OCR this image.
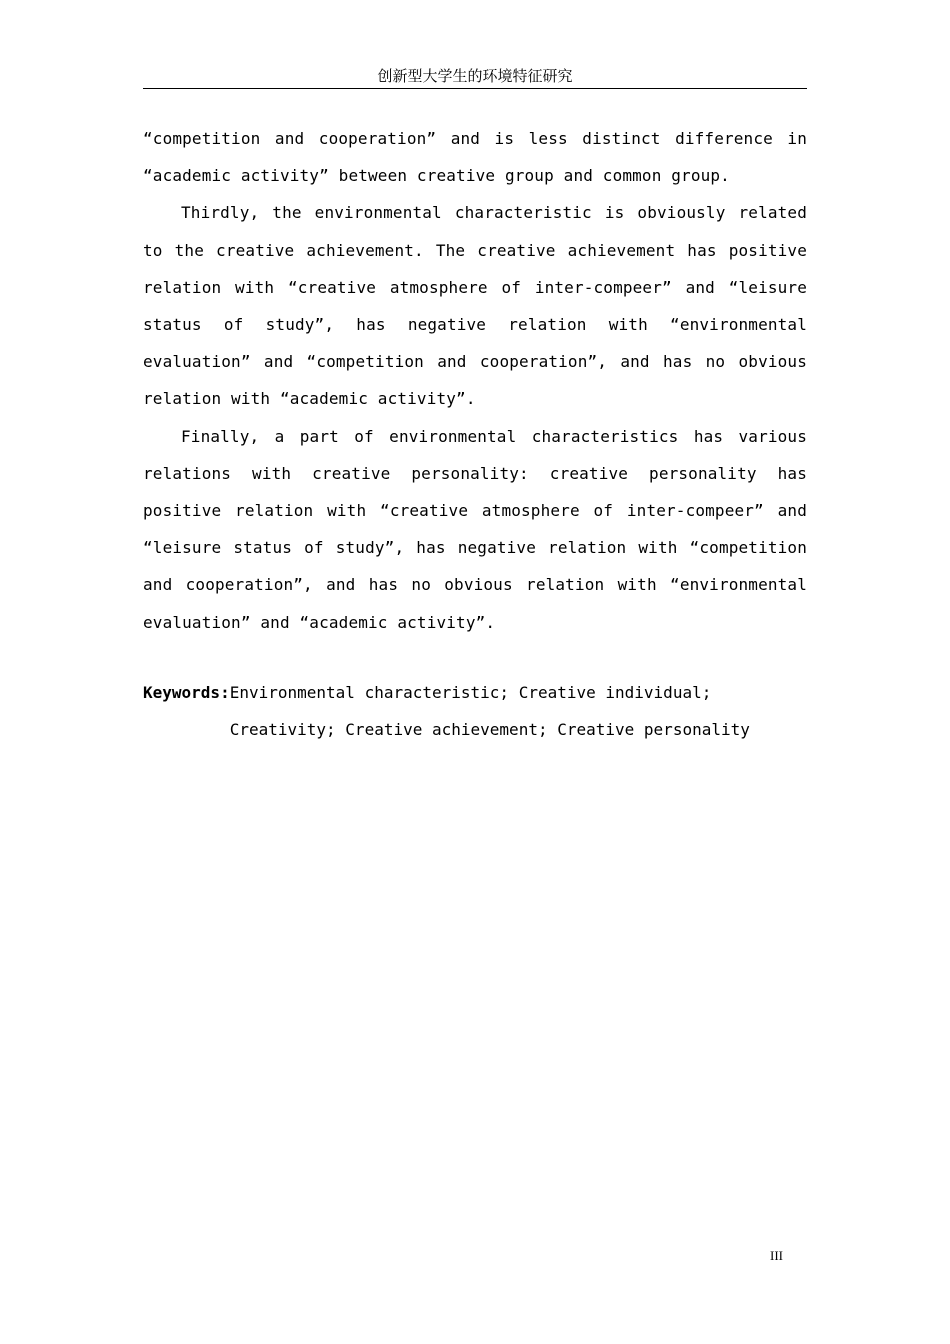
创新型大学生的环境特征研究

“competition and cooperation” and is less distinct difference in “academic activity” between creative group and common group.

Thirdly, the environmental characteristic is obviously related to the creative achievement. The creative achievement has positive relation with “creative atmosphere of inter-compeer” and “leisure status of study”, has negative relation with “environmental evaluation” and “competition and cooperation”, and has no obvious relation with “academic activity”.

Finally, a part of environmental characteristics has various relations with creative personality: creative personality has positive relation with “creative atmosphere of inter-compeer” and “leisure status of study”, has negative relation with “competition and cooperation”, and has no obvious relation with “environmental evaluation” and “academic activity”.

Keywords: Environmental characteristic; Creative individual;
Creativity; Creative achievement; Creative personality
III
